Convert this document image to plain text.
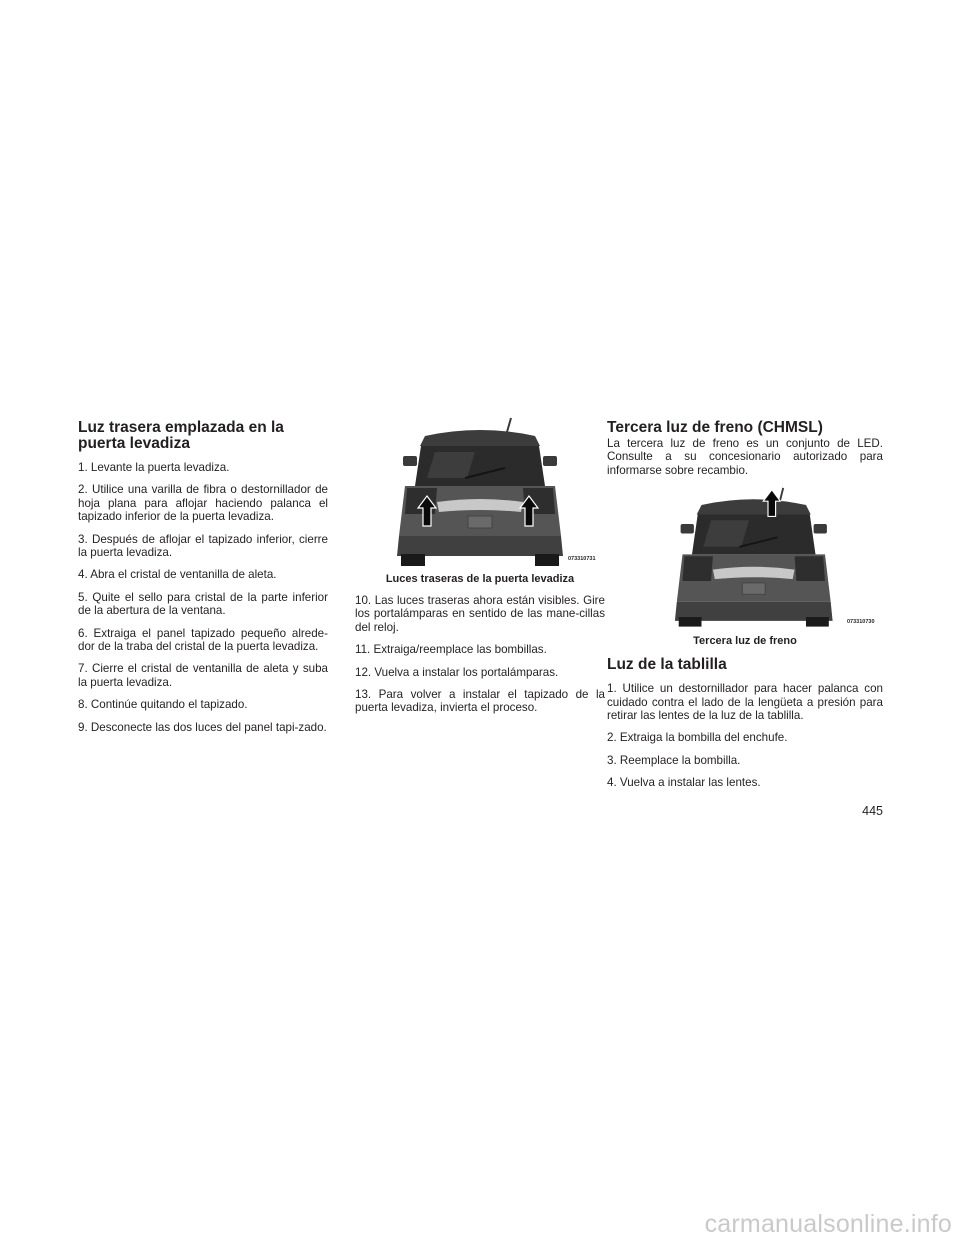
Luz trasera emplazada en la puerta levadiza

1. Levante la puerta levadiza.

2. Utilice una varilla de fibra o destornillador de hoja plana para aflojar haciendo palanca el tapizado inferior de la puerta levadiza.

3. Después de aflojar el tapizado inferior, cierre la puerta levadiza.

4. Abra el cristal de ventanilla de aleta.

5. Quite el sello para cristal de la parte inferior de la abertura de la ventana.

6. Extraiga el panel tapizado pequeño alrede-dor de la traba del cristal de la puerta levadiza.

7. Cierre el cristal de ventanilla de aleta y suba la puerta levadiza.

8. Continúe quitando el tapizado.

9. Desconecte las dos luces del panel tapi-zado.

073310731
Luces traseras de la puerta levadiza

10. Las luces traseras ahora están visibles. Gire los portalámparas en sentido de las mane-cillas del reloj.

11. Extraiga/reemplace las bombillas.

12. Vuelva a instalar los portalámparas.

13. Para volver a instalar el tapizado de la puerta levadiza, invierta el proceso.

Tercera luz de freno (CHMSL)

La tercera luz de freno es un conjunto de LED. Consulte a su concesionario autorizado para informarse sobre recambio.

073310730
Tercera luz de freno
Luz de la tablilla

1. Utilice un destornillador para hacer palanca con cuidado contra el lado de la lengüeta a presión para retirar las lentes de la luz de la tablilla.

2. Extraiga la bombilla del enchufe.

3. Reemplace la bombilla.

4. Vuelva a instalar las lentes.

445
carmanualsonline.info
